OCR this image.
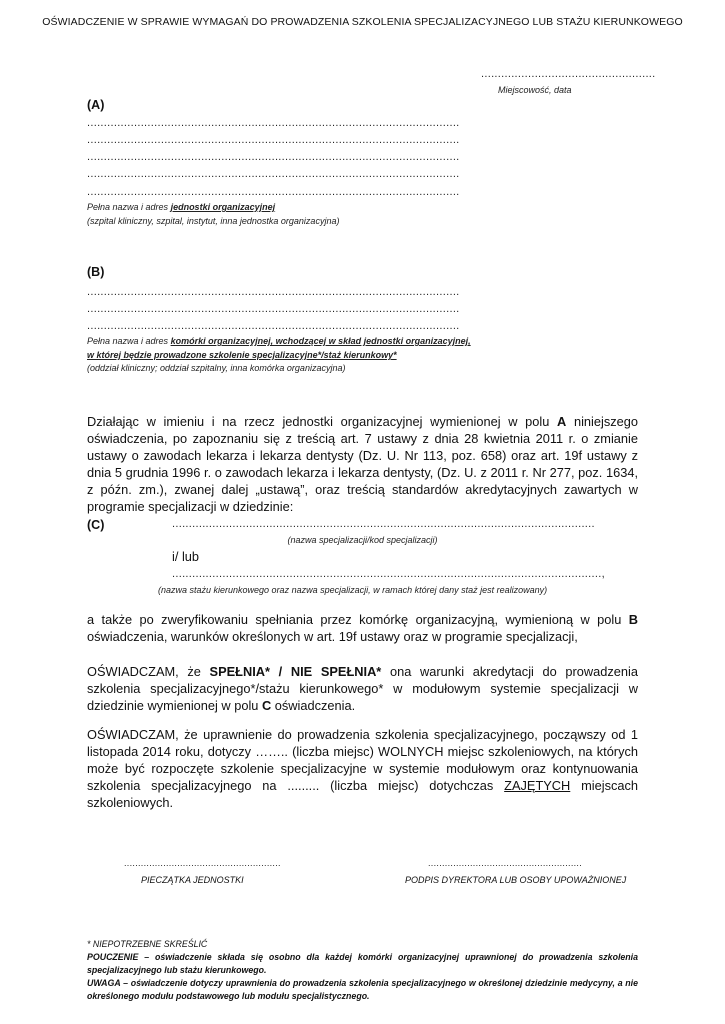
OŚWIADCZENIE W SPRAWIE WYMAGAŃ DO PROWADZENIA SZKOLENIA SPECJALIZACYJNEGO LUB STAŻU KIERUNKOWEGO
....................................................
Miejscowość, data
(A)
...............................................................................................................
...............................................................................................................
...............................................................................................................
...............................................................................................................
...............................................................................................................
Pełna nazwa i adres jednostki organizacyjnej
(szpital kliniczny, szpital, instytut, inna jednostka organizacyjna)
(B)
...............................................................................................................
...............................................................................................................
...............................................................................................................
Pełna nazwa i adres komórki organizacyjnej, wchodzącej w skład jednostki organizacyjnej,
w której będzie prowadzone szkolenie specjalizacyjne*/staż kierunkowy*
(oddział kliniczny; oddział szpitalny, inna komórka organizacyjna)
Działając w imieniu i na rzecz jednostki organizacyjnej wymienionej w polu A niniejszego oświadczenia, po zapoznaniu się z treścią art. 7 ustawy z dnia 28 kwietnia 2011 r. o zmianie ustawy o zawodach lekarza i lekarza dentysty (Dz. U. Nr 113, poz. 658) oraz art. 19f ustawy z dnia 5 grudnia 1996 r. o zawodach lekarza i lekarza dentysty, (Dz. U. z 2011 r. Nr 277, poz. 1634, z późn. zm.), zwanej dalej „ustawą”, oraz treścią standardów akredytacyjnych zawartych w programie specjalizacji w dziedzinie:
(C)	..............................................................................................................................
(nazwa specjalizacji/kod specjalizacji)
i/ lub
................................................................................................................................,
(nazwa stażu kierunkowego oraz nazwa specjalizacji, w ramach której dany staż jest realizowany)
a także po zweryfikowaniu spełniania przez komórkę organizacyjną, wymienioną w polu B oświadczenia, warunków określonych w art. 19f ustawy oraz w programie specjalizacji,
OŚWIADCZAM, że SPEŁNIA* / NIE SPEŁNIA* ona warunki akredytacji do prowadzenia szkolenia specjalizacyjnego*/stażu kierunkowego* w modułowym systemie specjalizacji w dziedzinie wymienionej w polu C oświadczenia.
OŚWIADCZAM, że uprawnienie do prowadzenia szkolenia specjalizacyjnego, począwszy od 1 listopada 2014 roku, dotyczy …….. (liczba miejsc) WOLNYCH miejsc szkoleniowych, na których może być rozpoczęte szkolenie specjalizacyjne w systemie modułowym oraz kontynuowania szkolenia specjalizacyjnego na ......... (liczba miejsc) dotychczas ZAJĘTYCH miejscach szkoleniowych.
........................................................
PIECZĄTKA JEDNOSTKI
.......................................................
PODPIS DYREKTORA LUB OSOBY UPOWAŻNIONEJ
* NIEPOTRZEBNE SKREŚLIĆ
POUCZENIE – oświadczenie składa się osobno dla każdej komórki organizacyjnej uprawnionej do prowadzenia szkolenia specjalizacyjnego lub stażu kierunkowego.
UWAGA – oświadczenie dotyczy uprawnienia do prowadzenia szkolenia specjalizacyjnego w określonej dziedzinie medycyny, a nie określonego modułu podstawowego lub modułu specjalistycznego.
